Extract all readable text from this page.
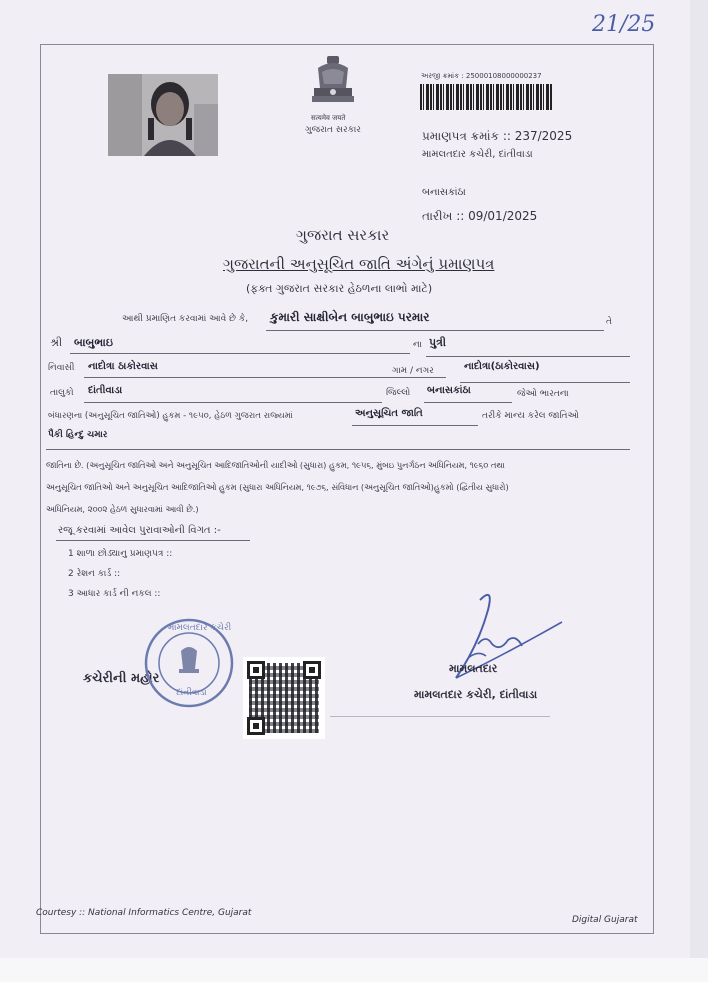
21/25
सत्यमेव जयते
ગુજરાત સરકાર
અરજી ક્રમાંક : 25000108000000237
પ્રમાણપત્ર ક્રમાંક :: 237/2025
મામલતદાર કચેરી, દાંતીવાડા
બનાસકાંઠા
તારીખ :: 09/01/2025
ગુજરાત સરકાર
ગુજરાતની અનુસૂચિત જાતિ અંગેનું પ્રમાણપત્ર
(ફક્ત ગુજરાત સરકાર હેઠળના લાભો માટે)
આથી પ્રમાણિત કરવામાં આવે છે કે, કુમારી સાક્ષીબેન બાબુભાઇ પરમાર	તે
શ્રી બાબુભાઇ	ના પુત્રી
નિવાસી નાદોત્રા ઠાકોરવાસ	ગામ / નગર	નાદોત્રા(ઠાકોરવાસ)
તાલુકો દાંતીવાડા	જિલ્લો બનાસકાંઠા	જેઓ ભારતના
બંધારણના (અનુસૂચિત જાતિઓ) હુકમ - ૧૯૫૦, હેઠળ ગુજરાત રાજ્યમાં	અનુસૂચિત જાતિ	તરીકે માન્ય કરેલ જાતિઓ
પૈકી હિન્દુ ચમાર
જાતિના છે. (અનુસૂચિત જાતિઓ અને અનુસૂચિત આદિજાતિઓની યાદીઓ (સુધારા) હુકમ, ૧૯૫૬, મુંબઇ પુનર્ગઠન અધિનિયમ, ૧૯૬૦ તથા
અનુસૂચિત જાતિઓ અને અનુસૂચિત આદિજાતિઓ હુકમ (સુધારા અધિનિયમ, ૧૯૭૬, સંવિધાન (અનુસૂચિત જાતિઓ)હુકમો (દ્વિતીય સુધારો)
અધિનિયમ, ૨૦૦૨ હેઠળ સુધારવામાં આવી છે.)
રજૂ કરવામાં આવેલ પુરાવાઓની વિગત :-
1 શાળા છોડ્યાનુ પ્રમાણપત્ર ::
2 રેશન કાર્ડ ::
3 આધાર કાર્ડ ની નકલ ::
કચેરીની મહોર
મામલતદાર કચેરી
દાંતીવાડા
મામલતદાર
મામલતદાર કચેરી, દાંતીવાડા
Courtesy :: National Informatics Centre, Gujarat
Digital Gujarat
